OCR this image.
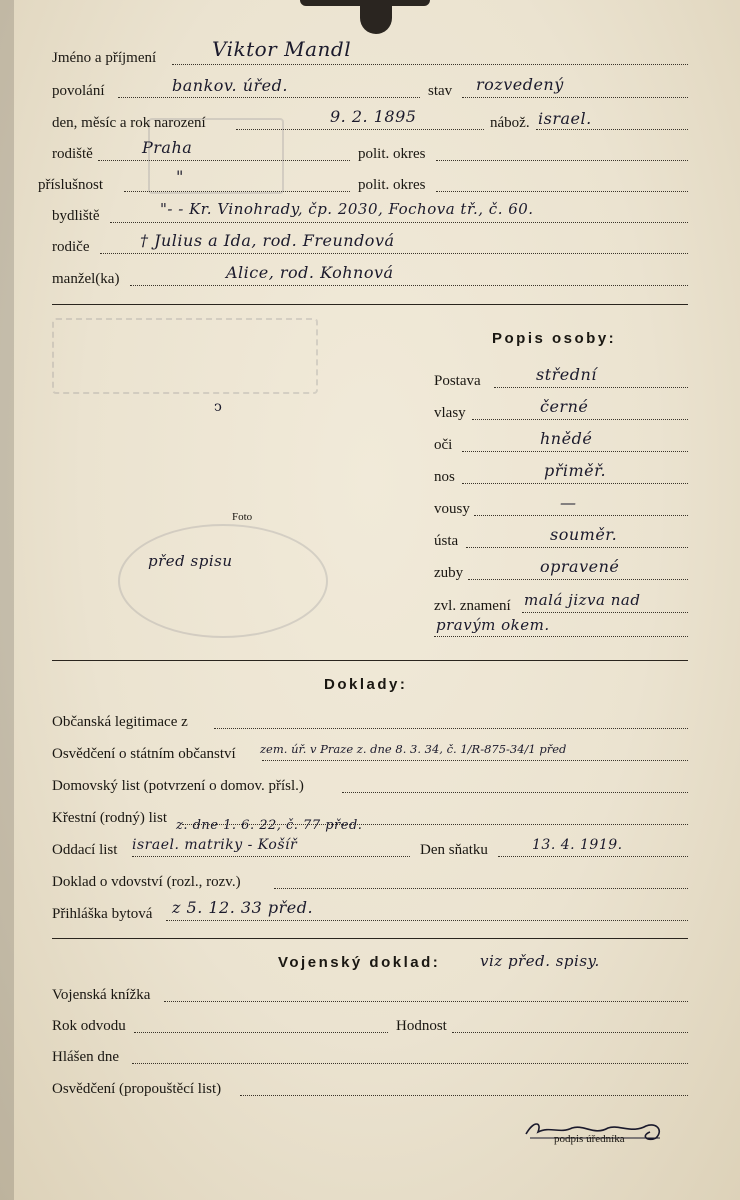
Jméno a příjmení	Viktor Mandl
povolání	bankov. úřed.	stav rozvedený
den, měsíc a rok narození	9. 2. 1895	nábož. israel.
rodiště	Praha	polit. okres
příslušnost	"	polit. okres
bydliště	"- - Kr. Vinohrady, čp. 2030, Fochova tř., č. 60.
rodiče	† Julius a Ida, rod. Freundová
manžel(ka)	Alice, rod. Kohnová
Popis osoby:
Postava	střední
vlasy	černé
oči	hnědé
nos	přiměř.
vousy	—
ústa	souměr.
zuby	opravené
zvl. znamení malá jizva nad
pravým okem.
Foto
před spisu
ↄ
Doklady:
Občanská legitimace z
Osvědčení o státním občanství zem. úř. v Praze z. dne 8. 3. 34, č. 1/R-875-34/1 před
Domovský list (potvrzení o domov. přísl.)
Křestní (rodný) list z. dne 1. 6. 22, č. 77 před.
Oddací list israel. matriky - Košíř	Den sňatku	13. 4. 1919.
Doklad o vdovství (rozl., rozv.)
Přihláška bytová z 5. 12. 33 před.
Vojenský doklad:	viz před. spisy.
Vojenská knížka
Rok odvodu	Hodnost
Hlášen dne
Osvědčení (propouštěcí list)
podpis úředníka
